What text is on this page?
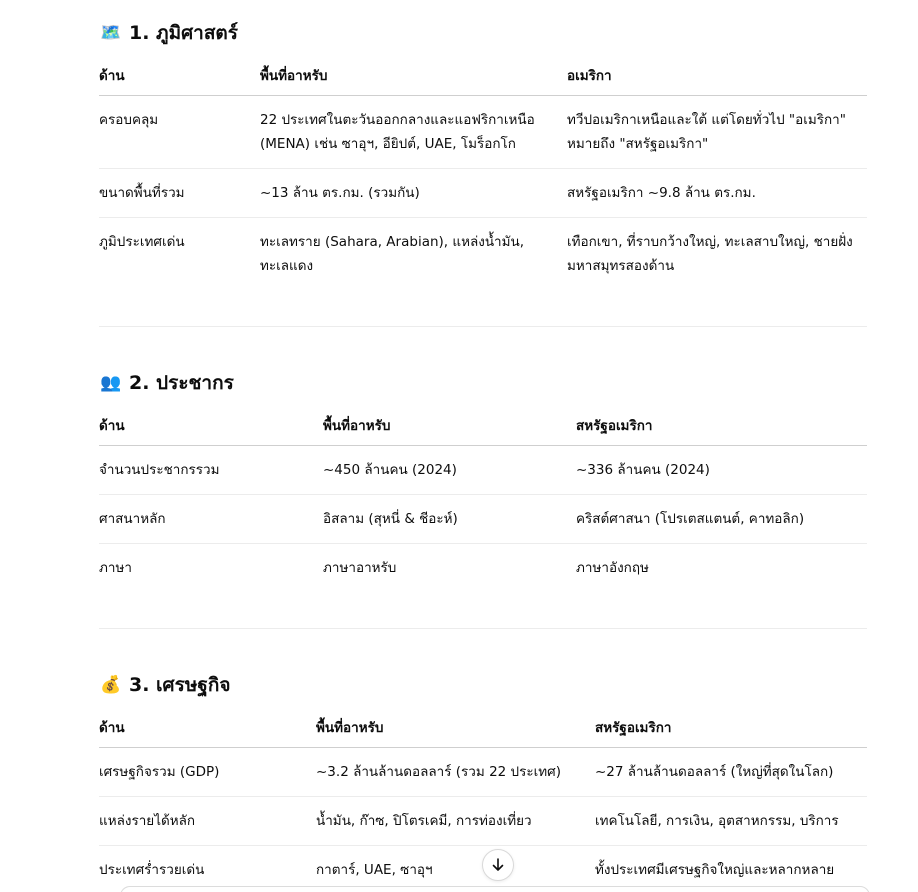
🗺️ 1. ภูมิศาสตร์
ด้าน	พื้นที่อาหรับ	อเมริกา
ครอบคลุม	22 ประเทศในตะวันออกกลางและแอฟริกาเหนือ (MENA) เช่น ซาอุฯ, อียิปต์, UAE, โมร็อกโก	ทวีปอเมริกาเหนือและใต้ แต่โดยทั่วไป "อเมริกา" หมายถึง "สหรัฐอเมริกา"
ขนาดพื้นที่รวม	~13 ล้าน ตร.กม. (รวมกัน)	สหรัฐอเมริกา ~9.8 ล้าน ตร.กม.
ภูมิประเทศเด่น	ทะเลทราย (Sahara, Arabian), แหล่งน้ำมัน, ทะเลแดง	เทือกเขา, ที่ราบกว้างใหญ่, ทะเลสาบใหญ่, ชายฝั่งมหาสมุทรสองด้าน
👥 2. ประชากร
ด้าน	พื้นที่อาหรับ	สหรัฐอเมริกา
จำนวนประชากรรวม	~450 ล้านคน (2024)	~336 ล้านคน (2024)
ศาสนาหลัก	อิสลาม (สุหนี่ & ชีอะห์)	คริสต์ศาสนา (โปรเตสแตนต์, คาทอลิก)
ภาษา	ภาษาอาหรับ	ภาษาอังกฤษ
💰 3. เศรษฐกิจ
ด้าน	พื้นที่อาหรับ	สหรัฐอเมริกา
เศรษฐกิจรวม (GDP)	~3.2 ล้านล้านดอลลาร์ (รวม 22 ประเทศ)	~27 ล้านล้านดอลลาร์ (ใหญ่ที่สุดในโลก)
แหล่งรายได้หลัก	น้ำมัน, ก๊าซ, ปิโตรเคมี, การท่องเที่ยว	เทคโนโลยี, การเงิน, อุตสาหกรรม, บริการ
ประเทศร่ำรวยเด่น	กาตาร์, UAE, ซาอุฯ	ทั้งประเทศมีเศรษฐกิจใหญ่และหลากหลาย
